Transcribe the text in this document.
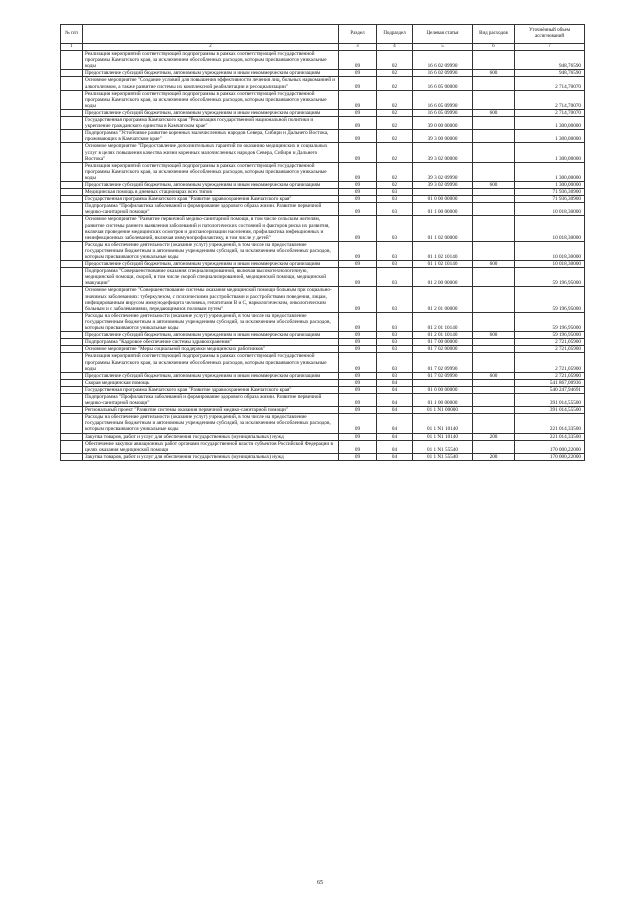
№ п/п		Раздел	Подраздел	Целевая статья	Вид расходов	Уточнённый объем ассигнований
1	2	3	4	5	6	7
	Реализация мероприятий соответствующей подпрограммы в рамках соответствующей государственной программы Камчатского края, за исключением обособленных расходов, которым присваиваются уникальные коды	09	02	16 6 02 09990		948,76590
	Предоставление субсидий бюджетным, автономным учреждениям и иным некоммерческим организациям	09	02	16 6 02 09990	600	948,76590
	Основное мероприятие "Создание условий для повышения эффективности лечения лиц, больных наркоманией и алкоголизмом, а также развитие системы их комплексной реабилитации и ресоциализации"	09	02	16 6 05 00000		2 714,70070
	Реализация мероприятий соответствующей подпрограммы в рамках соответствующей государственной программы Камчатского края, за исключением обособленных расходов, которым присваиваются уникальные коды	09	02	16 6 05 09990		2 714,70070
	Предоставление субсидий бюджетным, автономным учреждениям и иным некоммерческим организациям	09	02	16 6 05 09990	600	2 714,70070
	Государственная программа Камчатского края "Реализация государственной национальной политики и укрепление гражданского единства в Камчатском крае"	09	02	39 0 00 00000		1 300,00000
	Подпрограмма "Устойчивое развитие коренных малочисленных народов Севера, Сибири и Дальнего Востока, проживающих в Камчатском крае"	09	02	39 3 00 00000		1 300,00000
	Основное мероприятие "Предоставление дополнительных гарантий по оказанию медицинских и социальных услуг в целях повышения качества жизни коренных малочисленных народов Севера, Сибири и Дальнего Востока"	09	02	39 3 02 00000		1 300,00000
	Реализация мероприятий соответствующей подпрограммы в рамках соответствующей государственной программы Камчатского края, за исключением обособленных расходов, которым присваиваются уникальные коды	09	02	39 3 02 09990		1 300,00000
	Предоставление субсидий бюджетным, автономным учреждениям и иным некоммерческим организациям	09	02	39 3 02 09990	600	1 300,00000
	Медицинская помощь в дневных стационарах всех типов	09	03			71 936,30900
	Государственная программа Камчатского края "Развитие здравоохранения Камчатского края"	09	03	01 0 00 00000		71 936,30900
	Подпрограмма "Профилактика заболеваний и формирование здорового образа жизни. Развитие первичной медико-санитарной помощи"	09	03	01 1 00 00000		10 018,30000
	Основное мероприятие "Развитие первичной медико-санитарной помощи, в том числе сельским жителям, развитие системы раннего выявления заболеваний и патологических состояний и факторов риска их развития, включая проведение медицинских осмотров и диспансеризации населения, профилактика инфекционных и неинфекционных заболеваний, включая иммунопрофилактику, в том числе у детей"	09	03	01 1 02 00000		10 018,30000
	Расходы на обеспечение деятельности (оказание услуг) учреждений, в том числе на предоставление государственным бюджетным и автономным учреждениям субсидий, за исключением обособленных расходов, которым присваиваются уникальные коды	09	03	01 1 02 10140		10 018,30000
	Предоставление субсидий бюджетным, автономным учреждениям и иным некоммерческим организациям	09	03	01 1 02 10140	600	10 018,30000
	Подпрограмма "Совершенствование оказания специализированной, включая высокотехнологичную, медицинской помощи, скорой, в том числе скорой специализированной, медицинской помощи, медицинской эвакуации"	09	03	01 2 00 00000		59 196,95000
	Основное мероприятие "Совершенствование системы оказания медицинской помощи больным при социально-значимых заболеваниях: туберкулезом, с психическими расстройствами и расстройствами поведения, лицам, инфицированным вирусом иммунодефицита человека, гепатитами B и C, наркологическим, онкологическим больным и с заболеваниями, передающимися половым путем"	09	03	01 2 01 00000		59 196,95000
	Расходы на обеспечение деятельности (оказание услуг) учреждений, в том числе на предоставление государственным бюджетным и автономным учреждениям субсидий, за исключением обособленных расходов, которым присваиваются уникальные коды	09	03	01 2 01 10140		59 196,95000
	Предоставление субсидий бюджетным, автономным учреждениям и иным некоммерческим организациям	09	03	01 2 01 10140	600	59 196,95000
	Подпрограмма "Кадровое обеспечение системы здравоохранения"	09	03	01 7 00 00000		2 721,05900
	Основное мероприятие "Меры социальной поддержки медицинских работников"	09	03	01 7 02 00000		2 721,05900
	Реализация мероприятий соответствующей подпрограммы в рамках соответствующей государственной программы Камчатского края, за исключением обособленных расходов, которым присваиваются уникальные коды	09	03	01 7 02 09990		2 721,05900
	Предоставление субсидий бюджетным, автономным учреждениям и иным некоммерческим организациям	09	03	01 7 02 09990	600	2 721,05900
	Скорая медицинская помощь	09	04			541 867,00936
	Государственная программа Камчатского края "Развитие здравоохранения Камчатского края"	09	04	01 0 00 00000		540 247,94691
	Подпрограмма "Профилактика заболеваний и формирование здорового образа жизни. Развитие первичной медико-санитарной помощи"	09	04	01 1 00 00000		391 014,55500
	Региональный проект "Развитие системы оказания первичной медико-санитарной помощи"	09	04	01 1 N1 00000		391 014,55500
	Расходы на обеспечение деятельности (оказание услуг) учреждений, в том числе на предоставление государственным бюджетным и автономным учреждениям субсидий, за исключением обособленных расходов, которым присваиваются уникальные коды	09	04	01 1 N1 10140		221 014,33500
	Закупка товаров, работ и услуг для обеспечения государственных (муниципальных) нужд	09	04	01 1 N1 10140	200	221 014,33500
	Обеспечение закупки авиационных работ органами государственной власти субъектов Российской Федерации в целях оказания медицинской помощи	09	04	01 1 N1 55540		170 000,22000
	Закупка товаров, работ и услуг для обеспечения государственных (муниципальных) нужд	09	04	01 1 N1 55540	200	170 000,22000
65
